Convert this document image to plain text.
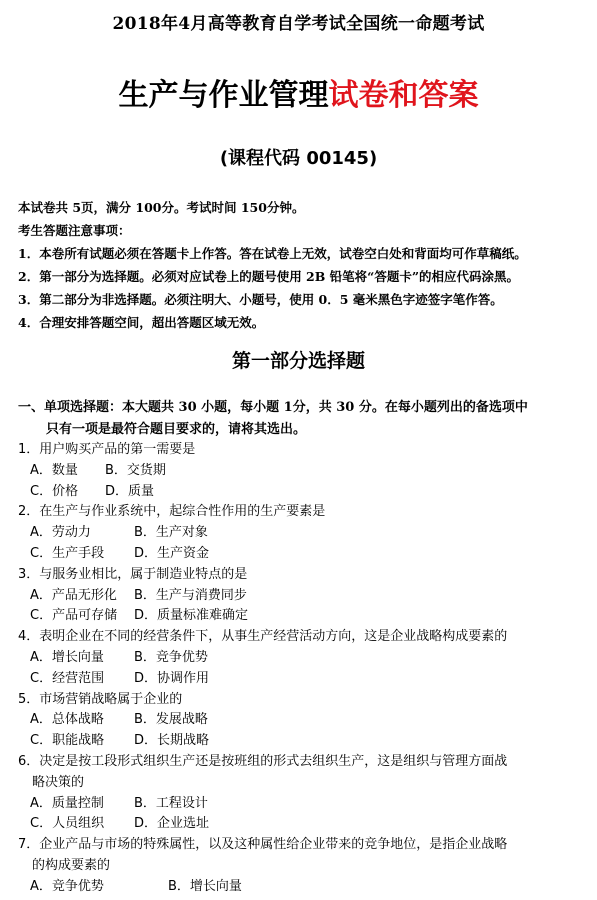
2018年4月高等教育自学考试全国统一命题考试
生产与作业管理试卷和答案
(课程代码 00145)
本试卷共 5页，满分 100分。考试时间 150分钟。
考生答题注意事项：
1．本卷所有试题必须在答题卡上作答。答在试卷上无效，试卷空白处和背面均可作草稿纸。
2．第一部分为选择题。必须对应试卷上的题号使用 2B 铅笔将“答题卡”的相应代码涂黑。
3．第二部分为非选择题。必须注明大、小题号，使用 0．5 毫米黑色字迹签字笔作答。
4．合理安排答题空间，超出答题区域无效。
第一部分选择题
一、单项选择题：本大题共 30 小题，每小题 1分，共 30 分。在每小题列出的备选项中
只有一项是最符合题目要求的，请将其选出。
1．用户购买产品的第一需要是
A．数量 B．交货期
C．价格 D．质量
2．在生产与作业系统中，起综合性作用的生产要素是
A．劳动力	B．生产对象
C．生产手段 D．生产资金
3．与服务业相比，属于制造业特点的是
A．产品无形化 B．生产与消费同步
C．产品可存储 D．质量标准难确定
4．表明企业在不同的经营条件下，从事生产经营活动方向，这是企业战略构成要素的
A．增长向量 B．竞争优势
C．经营范围 D．协调作用
5．市场营销战略属于企业的
A．总体战略 B．发展战略
C．职能战略 D．长期战略
6．决定是按工段形式组织生产还是按班组的形式去组织生产，这是组织与管理方面战
略决策的
A．质量控制 B．工程设计
C．人员组织 D．企业选址
7．企业产品与市场的特殊属性，以及这种属性给企业带来的竞争地位，是指企业战略
的构成要素的
A．竞争优势	B．增长向量
